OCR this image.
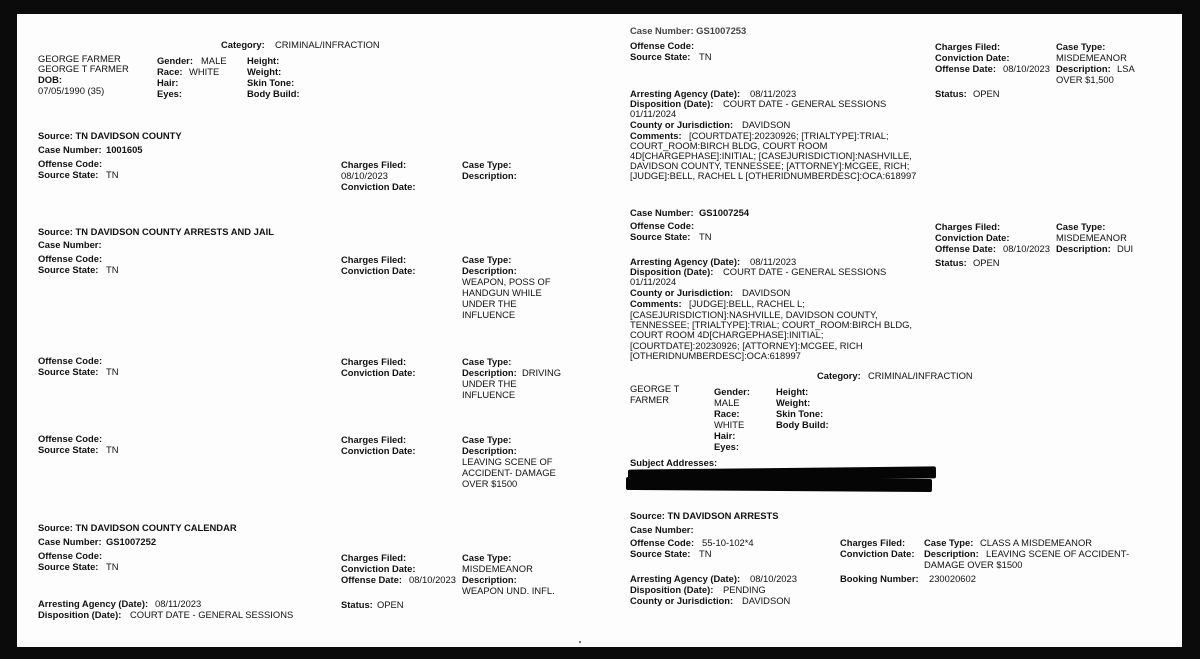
Category: CRIMINAL/INFRACTION
GEORGE FARMER
GEORGE T FARMER
DOB:
07/05/1990 (35)
Gender: MALE
Race: WHITE
Hair:
Eyes:
Height:
Weight:
Skin Tone:
Body Build:
Source: TN DAVIDSON COUNTY
Case Number: 1001605
Offense Code:
Source State: TN
Charges Filed:
08/10/2023
Conviction Date:
Case Type:
Description:
Source: TN DAVIDSON COUNTY ARRESTS AND JAIL
Case Number:
Offense Code:
Source State: TN
Charges Filed:
Conviction Date:
Case Type:
Description:
WEAPON, POSS OF
HANDGUN WHILE
UNDER THE
INFLUENCE
Offense Code:
Source State: TN
Charges Filed:
Conviction Date:
Case Type:
Description: DRIVING
UNDER THE
INFLUENCE
Offense Code:
Source State: TN
Charges Filed:
Conviction Date:
Case Type:
Description:
LEAVING SCENE OF
ACCIDENT- DAMAGE
OVER $1500
Source: TN DAVIDSON COUNTY CALENDAR
Case Number: GS1007252
Offense Code:
Source State: TN
Charges Filed:
Conviction Date:
Offense Date: 08/10/2023
Case Type:
MISDEMEANOR
Description:
WEAPON UND. INFL.
Arresting Agency (Date): 08/11/2023
Disposition (Date): COURT DATE - GENERAL SESSIONS
Status: OPEN
Case Number: GS1007253
Offense Code:
Source State: TN
Charges Filed:
Conviction Date:
Offense Date: 08/10/2023
Case Type:
MISDEMEANOR
Description: LSA
OVER $1,500
Status: OPEN
Arresting Agency (Date): 08/11/2023
Disposition (Date): COURT DATE - GENERAL SESSIONS
01/11/2024
County or Jurisdiction: DAVIDSON
Comments: [COURTDATE]:20230926; [TRIALTYPE]:TRIAL;
COURT_ROOM:BIRCH BLDG, COURT ROOM
4D[CHARGEPHASE]:INITIAL; [CASEJURISDICTION]:NASHVILLE,
DAVIDSON COUNTY, TENNESSEE; [ATTORNEY]:MCGEE, RICH;
[JUDGE]:BELL, RACHEL L [OTHERIDNUMBERDESC]:OCA:618997
Case Number: GS1007254
Offense Code:
Source State: TN
Charges Filed:
Conviction Date:
Offense Date: 08/10/2023
Case Type:
MISDEMEANOR
Description: DUI
Status: OPEN
Arresting Agency (Date): 08/11/2023
Disposition (Date): COURT DATE - GENERAL SESSIONS
01/11/2024
County or Jurisdiction: DAVIDSON
Comments: [JUDGE]:BELL, RACHEL L;
[CASEJURISDICTION]:NASHVILLE, DAVIDSON COUNTY,
TENNESSEE; [TRIALTYPE]:TRIAL; COURT_ROOM:BIRCH BLDG,
COURT ROOM 4D[CHARGEPHASE]:INITIAL;
[COURTDATE]:20230926; [ATTORNEY]:MCGEE, RICH
[OTHERIDNUMBERDESC]:OCA:618997
Category: CRIMINAL/INFRACTION
GEORGE T
FARMER
Gender:
MALE
Race:
WHITE
Hair:
Eyes:
Height:
Weight:
Skin Tone:
Body Build:
Subject Addresses:
Source: TN DAVIDSON ARRESTS
Case Number:
Offense Code: 55-10-102*4
Source State: TN
Charges Filed:
Conviction Date:
Case Type: CLASS A MISDEMEANOR
Description: LEAVING SCENE OF ACCIDENT-
DAMAGE OVER $1500
Arresting Agency (Date): 08/10/2023
Disposition (Date): PENDING
County or Jurisdiction: DAVIDSON
Booking Number: 230020602
